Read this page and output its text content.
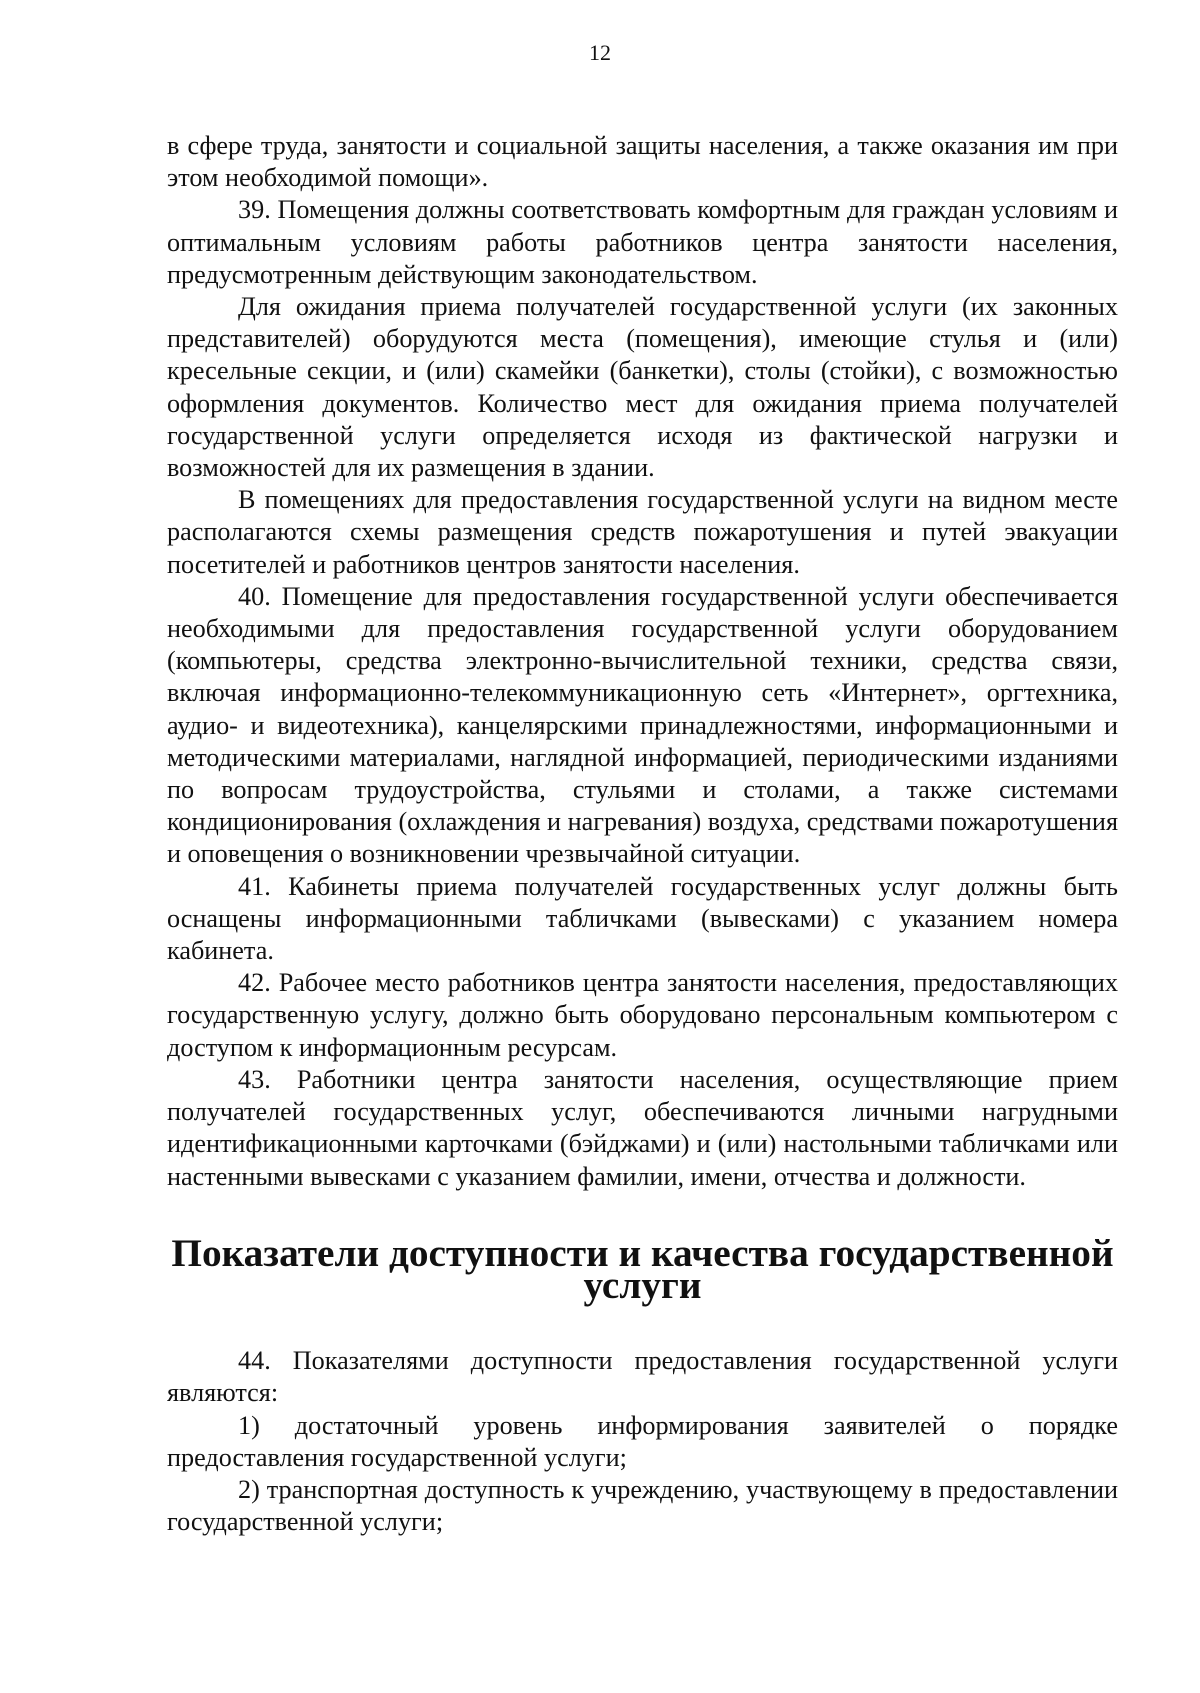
12

в сфере труда, занятости и социальной защиты населения, а также оказания им при этом необходимой помощи».

39. Помещения должны соответствовать комфортным для граждан условиям и оптимальным условиям работы работников центра занятости населения, предусмотренным действующим законодательством.

Для ожидания приема получателей государственной услуги (их законных представителей) оборудуются места (помещения), имеющие стулья и (или) кресельные секции, и (или) скамейки (банкетки), столы (стойки), с возможностью оформления документов. Количество мест для ожидания приема получателей государственной услуги определяется исходя из фактической нагрузки и возможностей для их размещения в здании.

В помещениях для предоставления государственной услуги на видном месте располагаются схемы размещения средств пожаротушения и путей эвакуации посетителей и работников центров занятости населения.

40. Помещение для предоставления государственной услуги обеспечивается необходимыми для предоставления государственной услуги оборудованием (компьютеры, средства электронно-вычислительной техники, средства связи, включая информационно-телекоммуникационную сеть «Интернет», оргтехника, аудио- и видеотехника), канцелярскими принадлежностями, информационными и методическими материалами, наглядной информацией, периодическими изданиями по вопросам трудоустройства, стульями и столами, а также системами кондиционирования (охлаждения и нагревания) воздуха, средствами пожаротушения и оповещения о возникновении чрезвычайной ситуации.

41. Кабинеты приема получателей государственных услуг должны быть оснащены информационными табличками (вывесками) с указанием номера кабинета.

42. Рабочее место работников центра занятости населения, предоставляющих государственную услугу, должно быть оборудовано персональным компьютером с доступом к информационным ресурсам.

43. Работники центра занятости населения, осуществляющие прием получателей государственных услуг, обеспечиваются личными нагрудными идентификационными карточками (бэйджами) и (или) настольными табличками или настенными вывесками с указанием фамилии, имени, отчества и должности.

Показатели доступности и качества государственной услуги

44. Показателями доступности предоставления государственной услуги являются:

1) достаточный уровень информирования заявителей о порядке предоставления государственной услуги;

2) транспортная доступность к учреждению, участвующему в предоставлении государственной услуги;
